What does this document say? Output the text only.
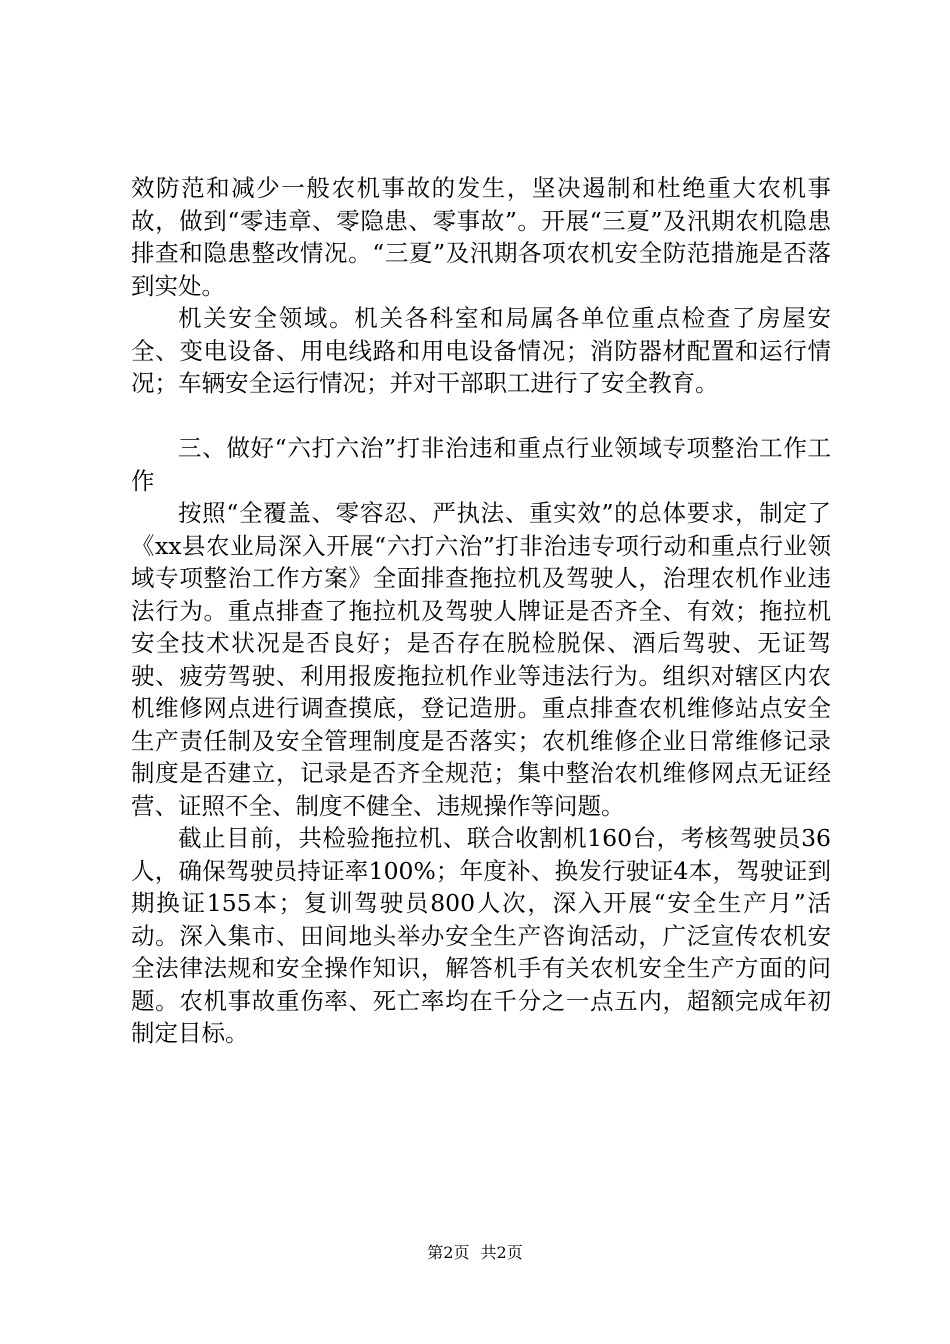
效防范和减少一般农机事故的发生，坚决遏制和杜绝重大农机事故，做到“零违章、零隐患、零事故”。开展“三夏”及汛期农机隐患排查和隐患整改情况。“三夏”及汛期各项农机安全防范措施是否落到实处。

机关安全领域。机关各科室和局属各单位重点检查了房屋安全、变电设备、用电线路和用电设备情况；消防器材配置和运行情况；车辆安全运行情况；并对干部职工进行了安全教育。

三、做好“六打六治”打非治违和重点行业领域专项整治工作工作

按照“全覆盖、零容忍、严执法、重实效”的总体要求，制定了《xx县农业局深入开展“六打六治”打非治违专项行动和重点行业领域专项整治工作方案》全面排查拖拉机及驾驶人，治理农机作业违法行为。重点排查了拖拉机及驾驶人牌证是否齐全、有效；拖拉机安全技术状况是否良好；是否存在脱检脱保、酒后驾驶、无证驾驶、疲劳驾驶、利用报废拖拉机作业等违法行为。组织对辖区内农机维修网点进行调查摸底，登记造册。重点排查农机维修站点安全生产责任制及安全管理制度是否落实；农机维修企业日常维修记录制度是否建立，记录是否齐全规范；集中整治农机维修网点无证经营、证照不全、制度不健全、违规操作等问题。

截止目前，共检验拖拉机、联合收割机160台，考核驾驶员36人，确保驾驶员持证率100%；年度补、换发行驶证4本，驾驶证到期换证155本；复训驾驶员800人次，深入开展“安全生产月”活动。深入集市、田间地头举办安全生产咨询活动，广泛宣传农机安全法律法规和安全操作知识，解答机手有关农机安全生产方面的问题。农机事故重伤率、死亡率均在千分之一点五内，超额完成年初制定目标。

第2页 共2页
